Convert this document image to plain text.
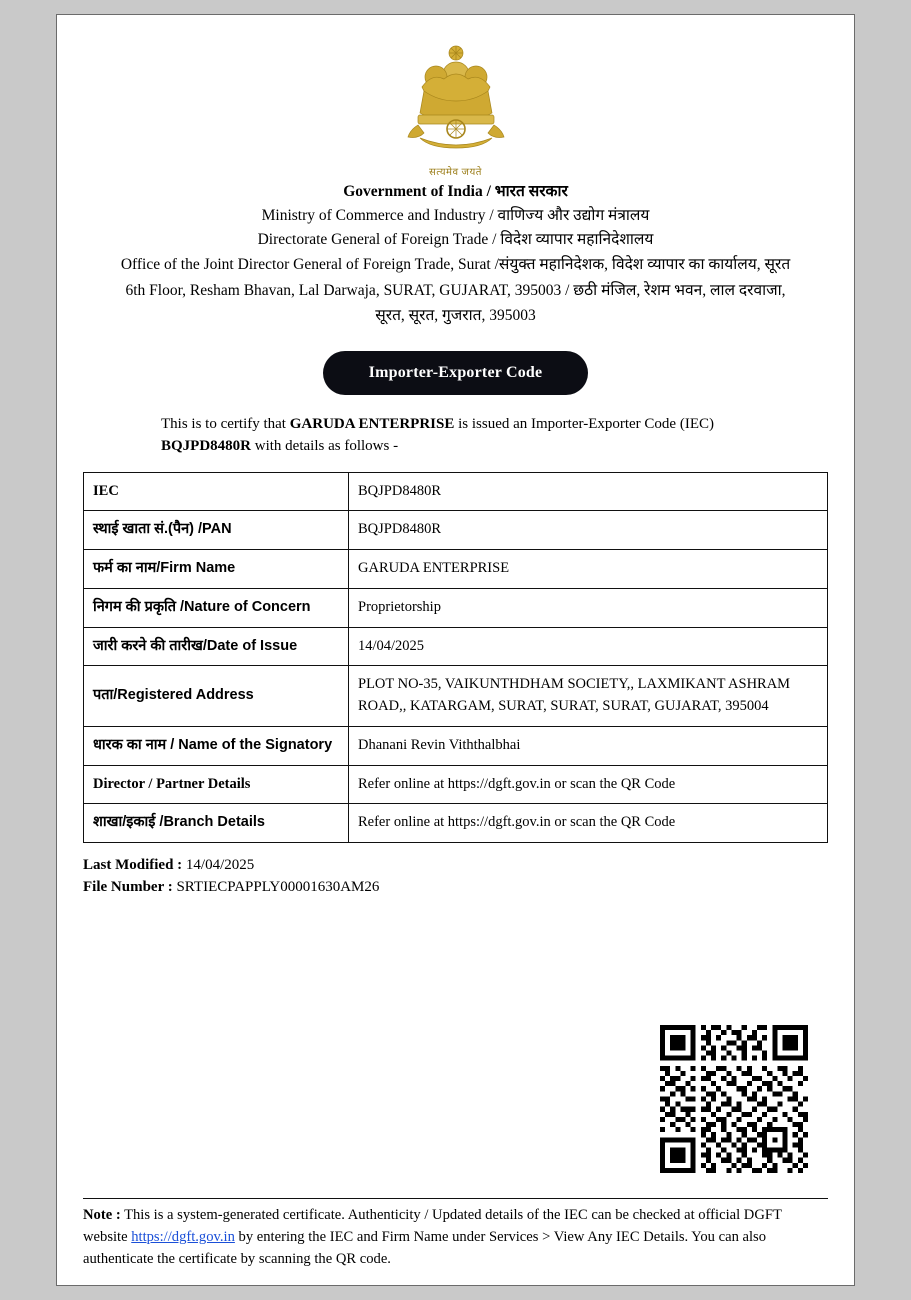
सत्यमेव जयते

Government of India / भारत सरकार

Ministry of Commerce and Industry / वाणिज्य और उद्योग मंत्रालय

Directorate General of Foreign Trade / विदेश व्यापार महानिदेशालय

Office of the Joint Director General of Foreign Trade, Surat /संयुक्त महानिदेशक, विदेश व्यापार का कार्यालय, सूरत

6th Floor, Resham Bhavan, Lal Darwaja, SURAT, GUJARAT, 395003 / छठी मंजिल, रेशम भवन, लाल दरवाजा,

सूरत, सूरत, गुजरात, 395003

Importer-Exporter Code

This is to certify that GARUDA ENTERPRISE is issued an Importer-Exporter Code (IEC) BQJPD8480R with details as follows -

IEC	BQJPD8480R
स्थाई खाता सं.(पैन) /PAN	BQJPD8480R
फर्म का नाम/Firm Name	GARUDA ENTERPRISE
निगम की प्रकृति /Nature of Concern	Proprietorship
जारी करने की तारीख/Date of Issue	14/04/2025
पता/Registered Address	PLOT NO-35, VAIKUNTHDHAM SOCIETY,, LAXMIKANT ASHRAM ROAD,, KATARGAM, SURAT, SURAT, SURAT, GUJARAT, 395004
धारक का नाम / Name of the Signatory	Dhanani Revin Viththalbhai
Director / Partner Details	Refer online at https://dgft.gov.in or scan the QR Code
शाखा/इकाई /Branch Details	Refer online at https://dgft.gov.in or scan the QR Code
Last Modified : 14/04/2025
File Number : SRTIECPAPPLY00001630AM26
Note : This is a system-generated certificate. Authenticity / Updated details of the IEC can be checked at official DGFT website https://dgft.gov.in by entering the IEC and Firm Name under Services > View Any IEC Details. You can also authenticate the certificate by scanning the QR code.
